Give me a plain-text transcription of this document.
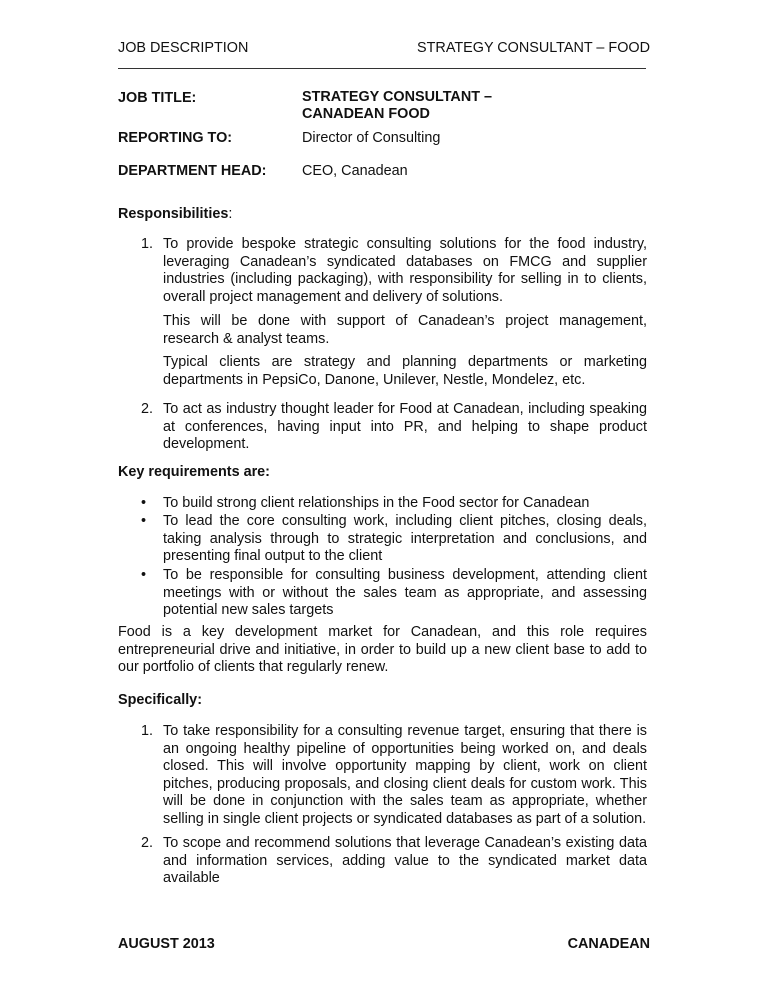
JOB DESCRIPTION	STRATEGY CONSULTANT – FOOD
JOB TITLE:	STRATEGY CONSULTANT –
CANADEAN FOOD
REPORTING TO:	Director of Consulting
DEPARTMENT HEAD: CEO, Canadean
Responsibilities:
1. To provide bespoke strategic consulting solutions for the food industry, leveraging Canadean’s syndicated databases on FMCG and supplier industries (including packaging), with responsibility for selling in to clients, overall project management and delivery of solutions.
This will be done with support of Canadean’s project management, research & analyst teams.
Typical clients are strategy and planning departments or marketing departments in PepsiCo, Danone, Unilever, Nestle, Mondelez, etc.
2. To act as industry thought leader for Food at Canadean, including speaking at conferences, having input into PR, and helping to shape product development.
Key requirements are:
• To build strong client relationships in the Food sector for Canadean
• To lead the core consulting work, including client pitches, closing deals, taking analysis through to strategic interpretation and conclusions, and presenting final output to the client
• To be responsible for consulting business development, attending client meetings with or without the sales team as appropriate, and assessing potential new sales targets
Food is a key development market for Canadean, and this role requires entrepreneurial drive and initiative, in order to build up a new client base to add to our portfolio of clients that regularly renew.
Specifically:
1. To take responsibility for a consulting revenue target, ensuring that there is an ongoing healthy pipeline of opportunities being worked on, and deals closed. This will involve opportunity mapping by client, work on client pitches, producing proposals, and closing client deals for custom work. This will be done in conjunction with the sales team as appropriate, whether selling in single client projects or syndicated databases as part of a solution.
2. To scope and recommend solutions that leverage Canadean’s existing data and information services, adding value to the syndicated market data available
AUGUST 2013	CANADEAN
